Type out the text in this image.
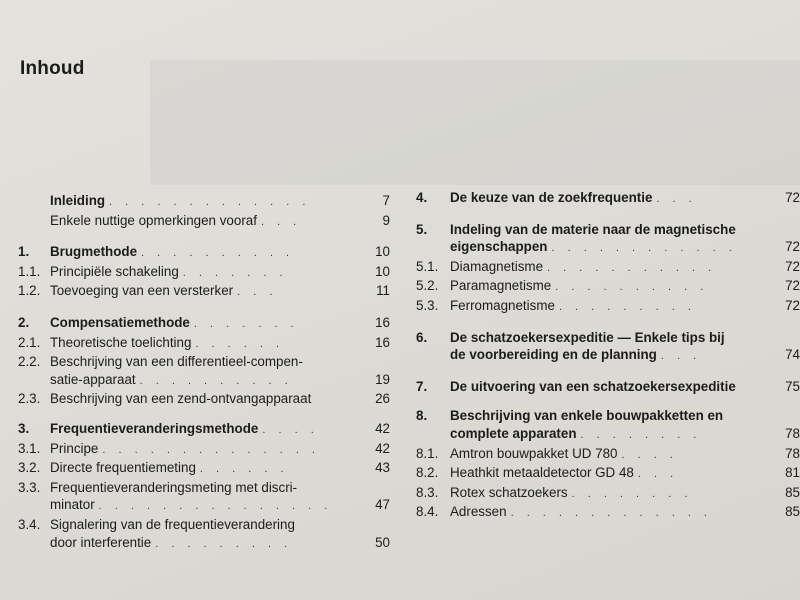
Inhoud
Inleiding . . . . . . . . . . . . .	7
Enkele nuttige opmerkingen vooraf . . .	9
1.	Brugmethode . . . . . . . . . .	10
1.1. Principiële schakeling . . . . . . .	10
1.2. Toevoeging van een versterker . . .	11
2.	Compensatiemethode . . . . . . .	16
2.1. Theoretische toelichting . . . . . .	16
2.2. Beschrijving van een differentieel-compen-
satie-apparaat . . . . . . . . . .	19
2.3. Beschrijving van een zend-ontvangapparaat	26
3.	Frequentieveranderingsmethode . . . .	42
3.1. Principe . . . . . . . . . . . . . .	42
3.2. Directe frequentiemeting . . . . . .	43
3.3. Frequentieveranderingsmeting met discri-
minator . . . . . . . . . . . . . . .	47
3.4. Signalering van de frequentieverandering
door interferentie . . . . . . . . .	50
4.	De keuze van de zoekfrequentie . . .	72
5.	Indeling van de materie naar de magnetische
eigenschappen . . . . . . . . . . . .	72
5.1. Diamagnetisme . . . . . . . . . . .	72
5.2. Paramagnetisme . . . . . . . . . .	72
5.3. Ferromagnetisme . . . . . . . . .	72
6.	De schatzoekersexpeditie — Enkele tips bij
de voorbereiding en de planning . . .	74
7.	De uitvoering van een schatzoekersexpeditie	75
8.	Beschrijving van enkele bouwpakketten en
complete apparaten . . . . . . . .	78
8.1. Amtron bouwpakket UD 780 . . . .	78
8.2. Heathkit metaaldetector GD 48 . . .	81
8.3. Rotex schatzoekers . . . . . . . .	85
8.4. Adressen . . . . . . . . . . . . .	85
